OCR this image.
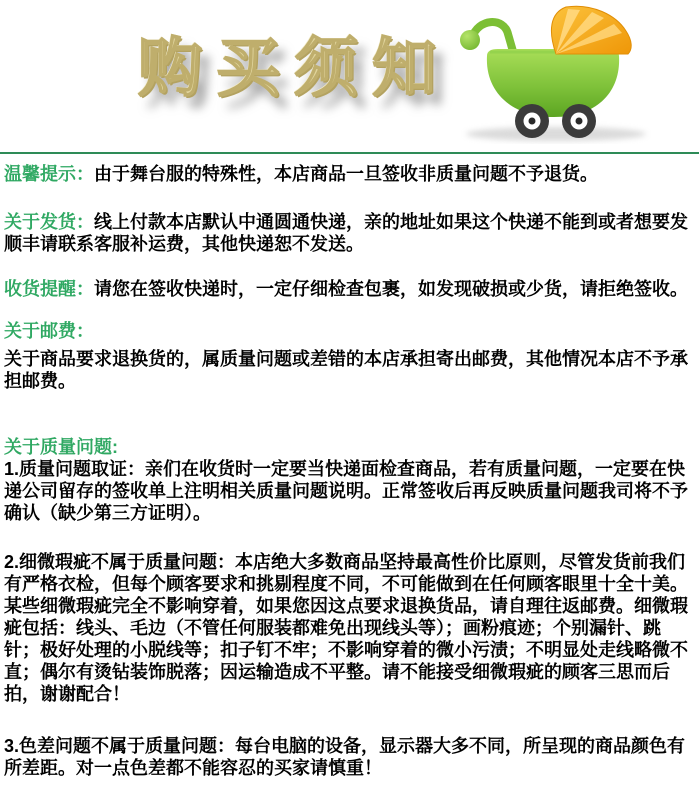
购买须知

温馨提示：由于舞台服的特殊性，本店商品一旦签收非质量问题不予退货。

关于发货：线上付款本店默认中通圆通快递，亲的地址如果这个快递不能到或者想要发顺丰请联系客服补运费，其他快递恕不发送。

收货提醒：请您在签收快递时，一定仔细检查包裹，如发现破损或少货，请拒绝签收。

关于邮费：
关于商品要求退换货的，属质量问题或差错的本店承担寄出邮费，其他情况本店不予承担邮费。
关于质量问题:

1.质量问题取证：亲们在收货时一定要当快递面检查商品，若有质量问题，一定要在快递公司留存的签收单上注明相关质量问题说明。正常签收后再反映质量问题我司将不予确认（缺少第三方证明）。

2.细微瑕疵不属于质量问题：本店绝大多数商品坚持最高性价比原则，尽管发货前我们有严格衣检，但每个顾客要求和挑剔程度不同，不可能做到在任何顾客眼里十全十美。某些细微瑕疵完全不影响穿着，如果您因这点要求退换货品，请自理往返邮费。细微瑕疵包括：线头、毛边（不管任何服装都难免出现线头等）；画粉痕迹；个别漏针、跳针；极好处理的小脱线等；扣子钉不牢；不影响穿着的微小污渍；不明显处走线略微不直；偶尔有烫钻装饰脱落；因运输造成不平整。请不能接受细微瑕疵的顾客三思而后拍，谢谢配合！

3.色差问题不属于质量问题：每台电脑的设备，显示器大多不同，所呈现的商品颜色有所差距。对一点色差都不能容忍的买家请慎重！
